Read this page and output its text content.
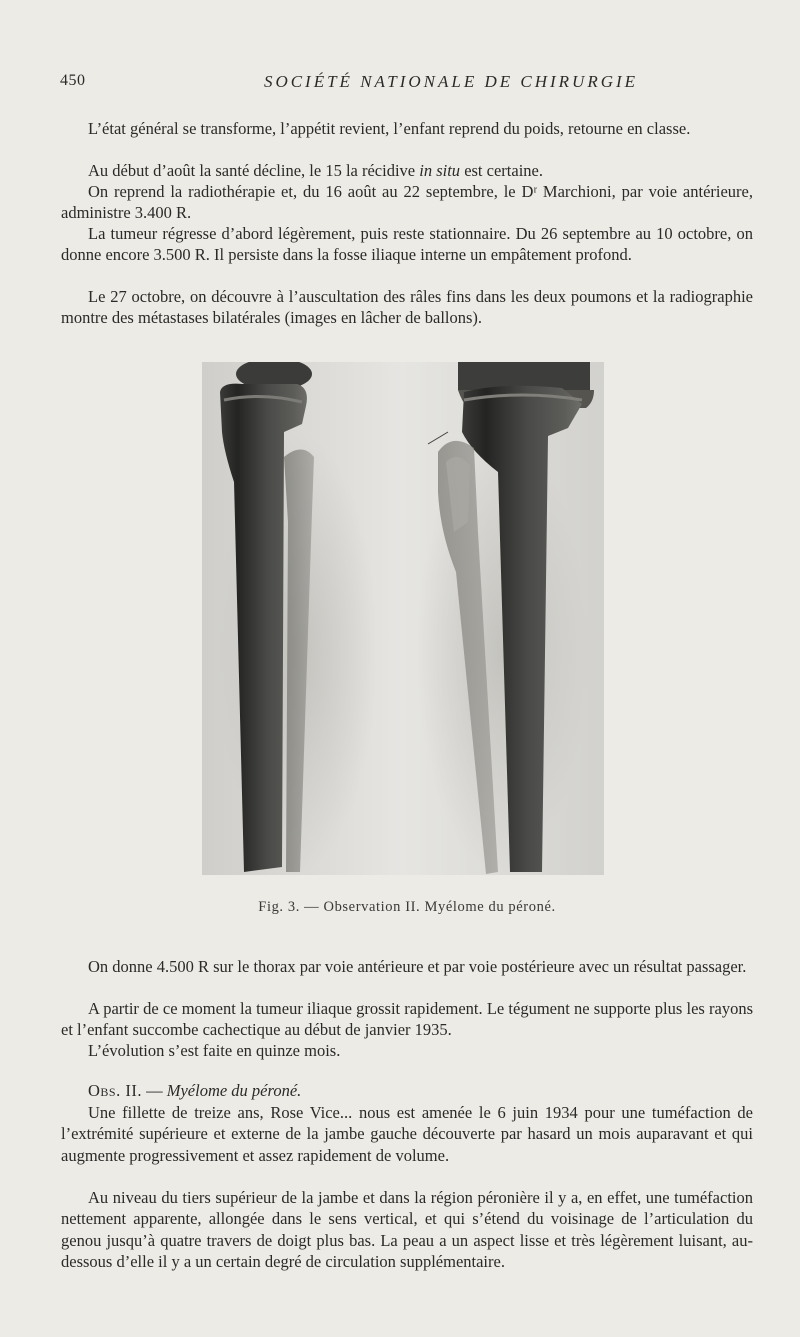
450	SOCIÉTÉ NATIONALE DE CHIRURGIE

L’état général se transforme, l’appétit revient, l’enfant reprend du poids, retourne en classe.

Au début d’août la santé décline, le 15 la récidive in situ est certaine.

On reprend la radiothérapie et, du 16 août au 22 septembre, le Dʳ Marchioni, par voie antérieure, administre 3.400 R.

La tumeur régresse d’abord légèrement, puis reste stationnaire. Du 26 septembre au 10 octobre, on donne encore 3.500 R. Il persiste dans la fosse iliaque interne un empâtement profond.

Le 27 octobre, on découvre à l’auscultation des râles fins dans les deux poumons et la radiographie montre des métastases bilatérales (images en lâcher de ballons).

Fig. 3. — Observation II. Myélome du péroné.

On donne 4.500 R sur le thorax par voie antérieure et par voie postérieure avec un résultat passager.

A partir de ce moment la tumeur iliaque grossit rapidement. Le tégument ne supporte plus les rayons et l’enfant succombe cachectique au début de janvier 1935.

L’évolution s’est faite en quinze mois.

Obs. II. — Myélome du péroné.

Une fillette de treize ans, Rose Vice... nous est amenée le 6 juin 1934 pour une tuméfaction de l’extrémité supérieure et externe de la jambe gauche découverte par hasard un mois auparavant et qui augmente progressivement et assez rapidement de volume.

Au niveau du tiers supérieur de la jambe et dans la région péronière il y a, en effet, une tuméfaction nettement apparente, allongée dans le sens vertical, et qui s’étend du voisinage de l’articulation du genou jusqu’à quatre travers de doigt plus bas. La peau a un aspect lisse et très légèrement luisant, au-dessous d’elle il y a un certain degré de circulation supplémentaire.
